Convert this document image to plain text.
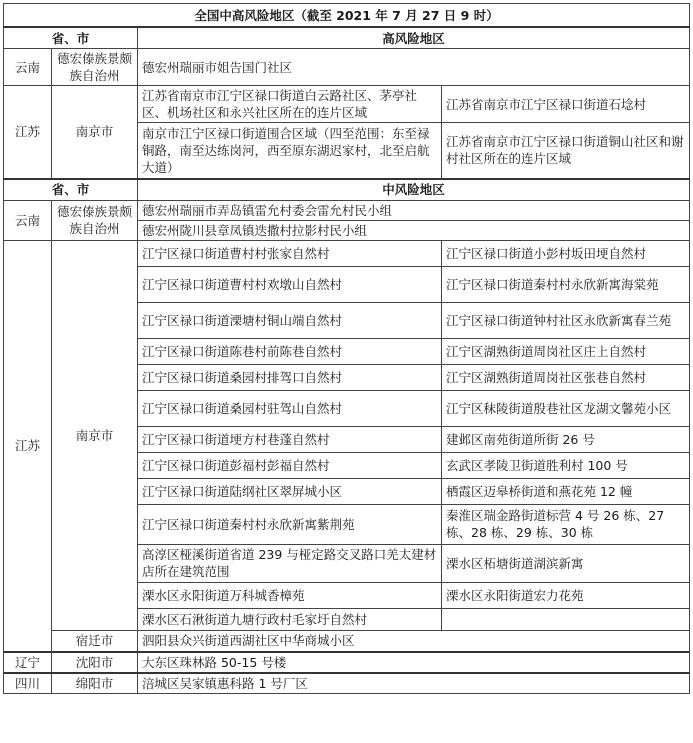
全国中高风险地区（截至 2021 年 7 月 27 日 9 时）			
省、市		高风险地区	
云南	德宏傣族景颇族自治州	德宏州瑞丽市姐告国门社区	
江苏	南京市	江苏省南京市江宁区禄口街道白云路社区、茅亭社区、机场社区和永兴社区所在的连片区域	江苏省南京市江宁区禄口街道石埝村
		南京市江宁区禄口街道围合区域（四至范围：东至禄铜路，南至达练岗河，西至原东湖迟家村，北至启航大道）	江苏省南京市江宁区禄口街道铜山社区和谢村社区所在的连片区域
省、市		中风险地区	
云南	德宏傣族景颇族自治州	德宏州瑞丽市弄岛镇雷允村委会雷允村民小组	
		德宏州陇川县章凤镇迭撒村拉影村民小组	
江苏	南京市	江宁区禄口街道曹村村张家自然村	江宁区禄口街道小彭村坂田埂自然村
		江宁区禄口街道曹村村欢墩山自然村	江宁区禄口街道秦村村永欣新寓海棠苑
		江宁区禄口街道溧塘村铜山端自然村	江宁区禄口街道钟村社区永欣新寓春兰苑
		江宁区禄口街道陈巷村前陈巷自然村	江宁区湖熟街道周岗社区庄上自然村
		江宁区禄口街道桑园村排驾口自然村	江宁区湖熟街道周岗社区张巷自然村
		江宁区禄口街道桑园村驻驾山自然村	江宁区秣陵街道殷巷社区龙湖文馨苑小区
		江宁区禄口街道埂方村巷蓬自然村	建邺区南苑街道所街 26 号
		江宁区禄口街道彭福村彭福自然村	玄武区孝陵卫街道胜利村 100 号
		江宁区禄口街道陆纲社区翠屏城小区	栖霞区迈皋桥街道和燕花苑 12 幢
		江宁区禄口街道秦村村永欣新寓紫荆苑	秦淮区瑞金路街道标营 4 号 26 栋、27 栋、28 栋、29 栋、30 栋
		高淳区桠溪街道省道 239 与桠定路交叉路口羌太建材店所在建筑范围	溧水区柘塘街道湖滨新寓
		溧水区永阳街道万科城香樟苑	溧水区永阳街道宏力花苑
		溧水区石湫街道九塘行政村毛家圩自然村	
	宿迁市	泗阳县众兴街道西湖社区中华商城小区	
辽宁	沈阳市	大东区珠林路 50-15 号楼	
四川	绵阳市	涪城区吴家镇惠科路 1 号厂区	
